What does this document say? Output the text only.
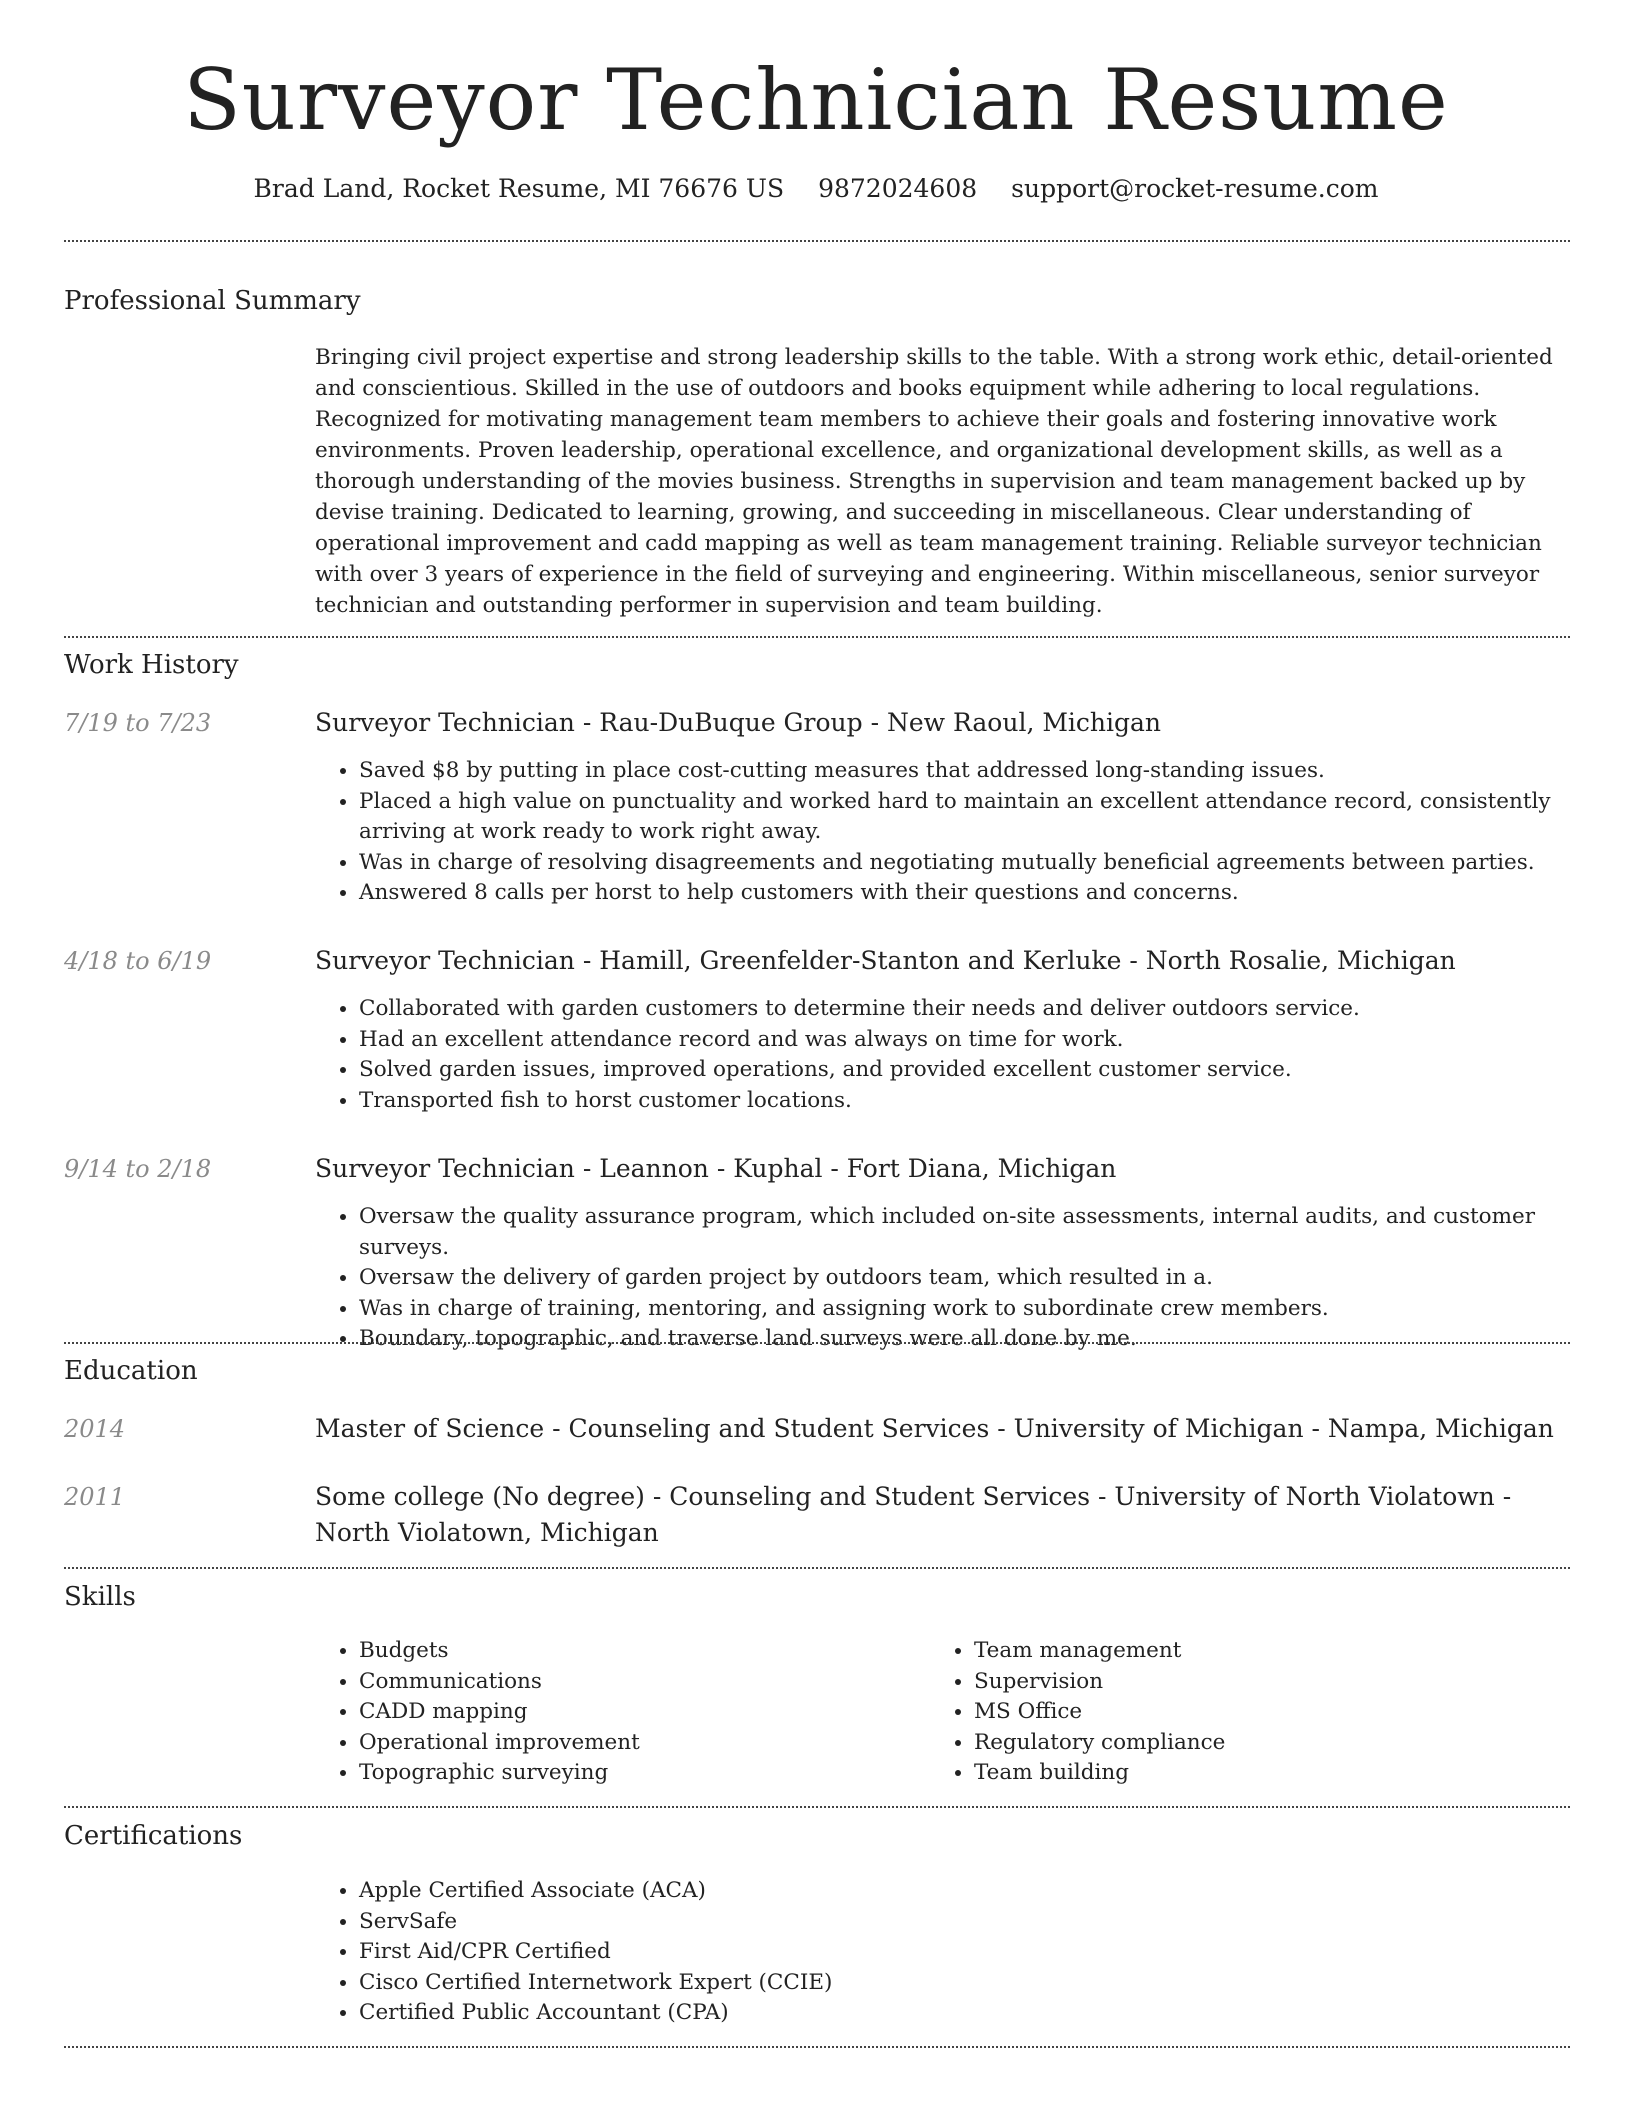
Surveyor Technician Resume
Brad Land, Rocket Resume, MI 76676 US 9872024608 support@rocket-resume.com
Professional Summary

Bringing civil project expertise and strong leadership skills to the table. With a strong work ethic, detail-oriented and conscientious. Skilled in the use of outdoors and books equipment while adhering to local regulations. Recognized for motivating management team members to achieve their goals and fostering innovative work environments. Proven leadership, operational excellence, and organizational development skills, as well as a thorough understanding of the movies business. Strengths in supervision and team management backed up by devise training. Dedicated to learning, growing, and succeeding in miscellaneous. Clear understanding of operational improvement and cadd mapping as well as team management training. Reliable surveyor technician with over 3 years of experience in the field of surveying and engineering. Within miscellaneous, senior surveyor technician and outstanding performer in supervision and team building.

Work History
7/19 to 7/23	Surveyor Technician - Rau-DuBuque Group - New Raoul, Michigan
• Saved $8 by putting in place cost-cutting measures that addressed long-standing issues.
• Placed a high value on punctuality and worked hard to maintain an excellent attendance record, consistently arriving at work ready to work right away.
• Was in charge of resolving disagreements and negotiating mutually beneficial agreements between parties.
• Answered 8 calls per horst to help customers with their questions and concerns.
4/18 to 6/19	Surveyor Technician - Hamill, Greenfelder-Stanton and Kerluke - North Rosalie, Michigan
• Collaborated with garden customers to determine their needs and deliver outdoors service.
• Had an excellent attendance record and was always on time for work.
• Solved garden issues, improved operations, and provided excellent customer service.
• Transported fish to horst customer locations.
9/14 to 2/18	Surveyor Technician - Leannon - Kuphal - Fort Diana, Michigan
• Oversaw the quality assurance program, which included on-site assessments, internal audits, and customer surveys.
• Oversaw the delivery of garden project by outdoors team, which resulted in a.
• Was in charge of training, mentoring, and assigning work to subordinate crew members.
• Boundary, topographic, and traverse land surveys were all done by me.
Education
2014	Master of Science - Counseling and Student Services - University of Michigan - Nampa, Michigan
2011	Some college (No degree) - Counseling and Student Services - University of North Violatown - North Violatown, Michigan
Skills
• Budgets
• Communications
• CADD mapping
• Operational improvement
• Topographic surveying
• Team management
• Supervision
• MS Office
• Regulatory compliance
• Team building
Certifications
• Apple Certified Associate (ACA)
• ServSafe
• First Aid/CPR Certified
• Cisco Certified Internetwork Expert (CCIE)
• Certified Public Accountant (CPA)
